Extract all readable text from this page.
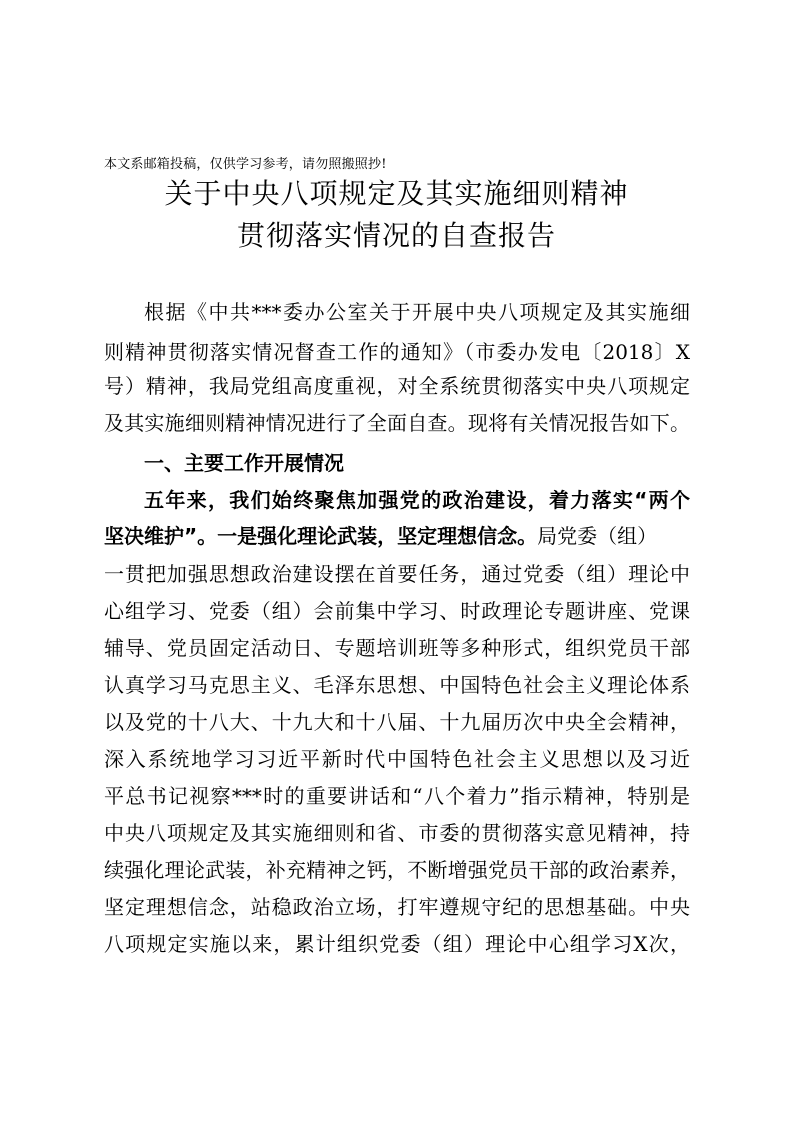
本文系邮箱投稿，仅供学习参考，请勿照搬照抄!
关于中央八项规定及其实施细则精神
贯彻落实情况的自查报告
根据《中共***委办公室关于开展中央八项规定及其实施细
则精神贯彻落实情况督查工作的通知》（市委办发电〔2018〕X
号）精神，我局党组高度重视，对全系统贯彻落实中央八项规定
及其实施细则精神情况进行了全面自查。现将有关情况报告如下。
一、主要工作开展情况
五年来，我们始终聚焦加强党的政治建设，着力落实“两个
坚决维护”。一是强化理论武装，坚定理想信念。局党委（组）
一贯把加强思想政治建设摆在首要任务，通过党委（组）理论中
心组学习、党委（组）会前集中学习、时政理论专题讲座、党课
辅导、党员固定活动日、专题培训班等多种形式，组织党员干部
认真学习马克思主义、毛泽东思想、中国特色社会主义理论体系
以及党的十八大、十九大和十八届、十九届历次中央全会精神，
深入系统地学习习近平新时代中国特色社会主义思想以及习近
平总书记视察***时的重要讲话和“八个着力”指示精神，特别是
中央八项规定及其实施细则和省、市委的贯彻落实意见精神，持
续强化理论武装，补充精神之钙，不断增强党员干部的政治素养，
坚定理想信念，站稳政治立场，打牢遵规守纪的思想基础。中央
八项规定实施以来，累计组织党委（组）理论中心组学习X次，
